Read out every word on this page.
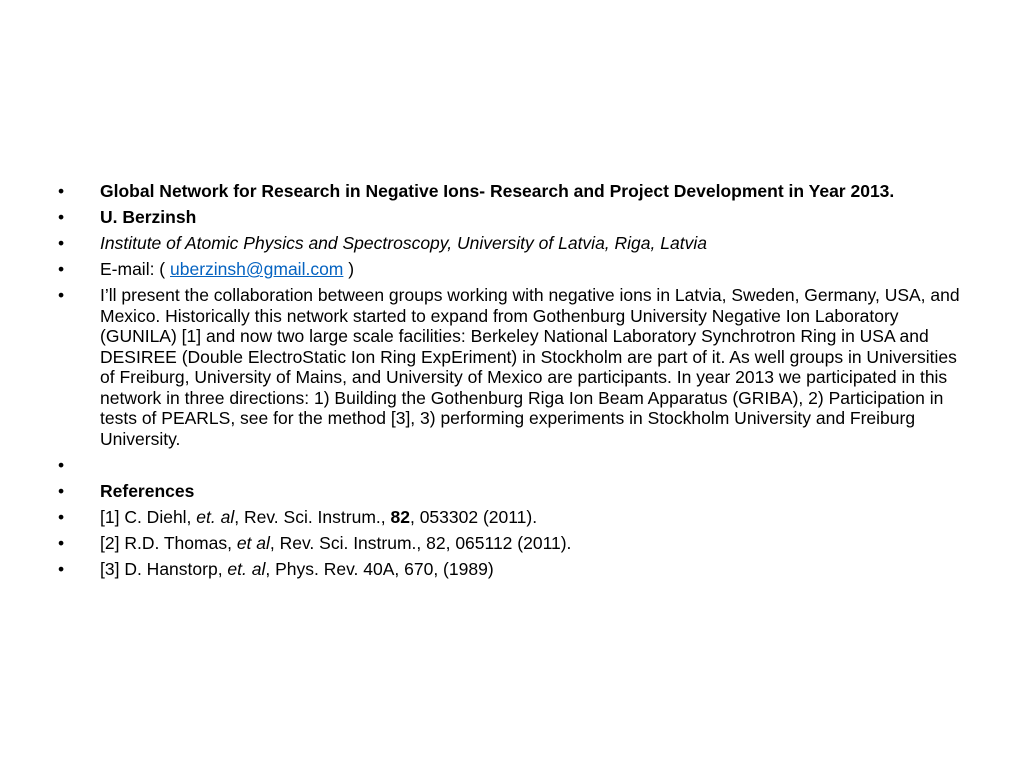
•	Global Network for Research in Negative Ions- Research and Project Development in Year 2013.
•	U. Berzinsh
•	Institute of Atomic Physics and Spectroscopy, University of Latvia, Riga, Latvia
•	E-mail: ( uberzinsh@gmail.com )
•	I’ll present the collaboration between groups working with negative ions in Latvia, Sweden, Germany, USA, and Mexico. Historically this network started to expand from Gothenburg University Negative Ion Laboratory (GUNILA) [1] and now two large scale facilities: Berkeley National Laboratory Synchrotron Ring in USA and DESIREE (Double ElectroStatic Ion Ring ExpEriment) in Stockholm are part of it. As well groups in Universities of Freiburg, University of Mains, and University of Mexico are participants. In year 2013 we participated in this network in three directions: 1) Building the Gothenburg Riga Ion Beam Apparatus (GRIBA), 2) Participation in tests of PEARLS, see for the method [3], 3) performing experiments in Stockholm University and Freiburg University.
•
•	References
•	[1] C. Diehl, et. al, Rev. Sci. Instrum., 82, 053302 (2011).
•	[2] R.D. Thomas, et al, Rev. Sci. Instrum., 82, 065112 (2011).
•	[3] D. Hanstorp, et. al, Phys. Rev. 40A, 670, (1989)
